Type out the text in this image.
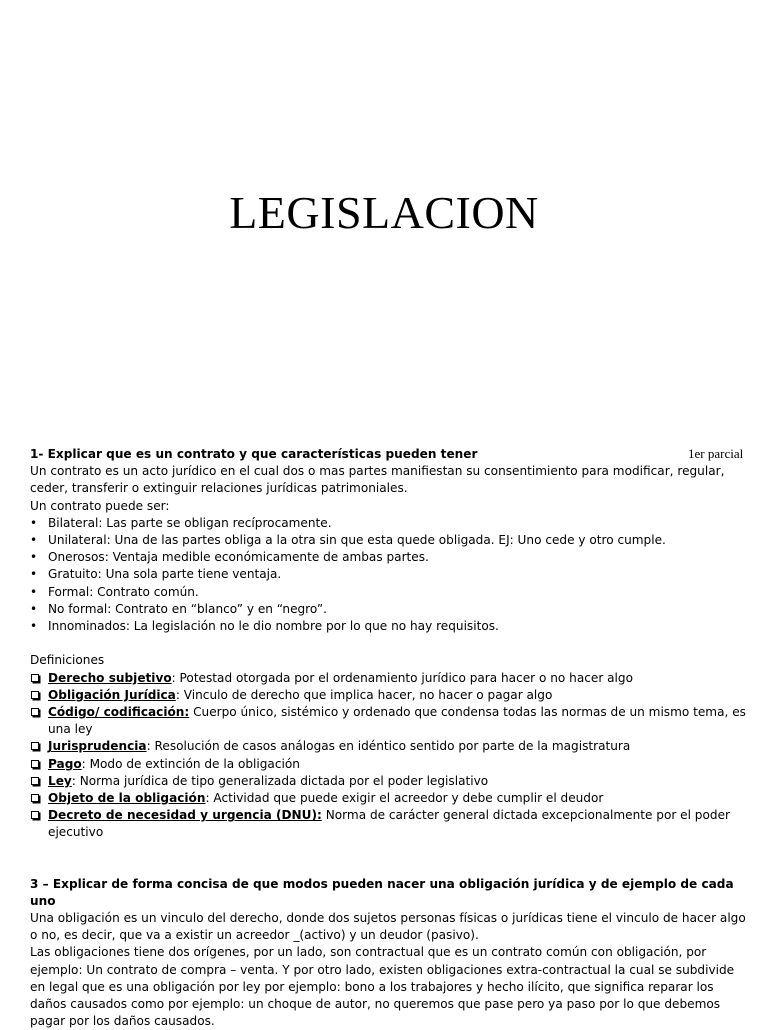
LEGISLACION
1er parcial

1- Explicar que es un contrato y que características pueden tener

Un contrato es un acto jurídico en el cual dos o mas partes manifiestan su consentimiento para modificar, regular, ceder, transferir o extinguir relaciones jurídicas patrimoniales.

Un contrato puede ser:

• Bilateral: Las parte se obligan recíprocamente.
• Unilateral: Una de las partes obliga a la otra sin que esta quede obligada. EJ: Uno cede y otro cumple.
• Onerosos: Ventaja medible económicamente de ambas partes.
• Gratuito: Una sola parte tiene ventaja.
• Formal: Contrato común.
• No formal: Contrato en “blanco” y en “negro”.
• Innominados: La legislación no le dio nombre por lo que no hay requisitos.

Definiciones

Derecho subjetivo: Potestad otorgada por el ordenamiento jurídico para hacer o no hacer algo
Obligación Jurídica: Vinculo de derecho que implica hacer, no hacer o pagar algo
Código/ codificación: Cuerpo único, sistémico y ordenado que condensa todas las normas de un mismo tema, es una ley
Jurisprudencia: Resolución de casos análogas en idéntico sentido por parte de la magistratura
Pago: Modo de extinción de la obligación
Ley: Norma jurídica de tipo generalizada dictada por el poder legislativo
Objeto de la obligación: Actividad que puede exigir el acreedor y debe cumplir el deudor
Decreto de necesidad y urgencia (DNU): Norma de carácter general dictada excepcionalmente por el poder ejecutivo

3 – Explicar de forma concisa de que modos pueden nacer una obligación jurídica y de ejemplo de cada uno

Una obligación es un vinculo del derecho, donde dos sujetos personas físicas o jurídicas tiene el vinculo de hacer algo o no, es decir, que va a existir un acreedor _(activo) y un deudor (pasivo).

Las obligaciones tiene dos orígenes, por un lado, son contractual que es un contrato común con obligación, por ejemplo: Un contrato de compra – venta. Y por otro lado, existen obligaciones extra-contractual la cual se subdivide en legal que es una obligación por ley por ejemplo: bono a los trabajores y hecho ilícito, que significa reparar los daños causados como por ejemplo: un choque de autor, no queremos que pase pero ya paso por lo que debemos pagar por los daños causados.
